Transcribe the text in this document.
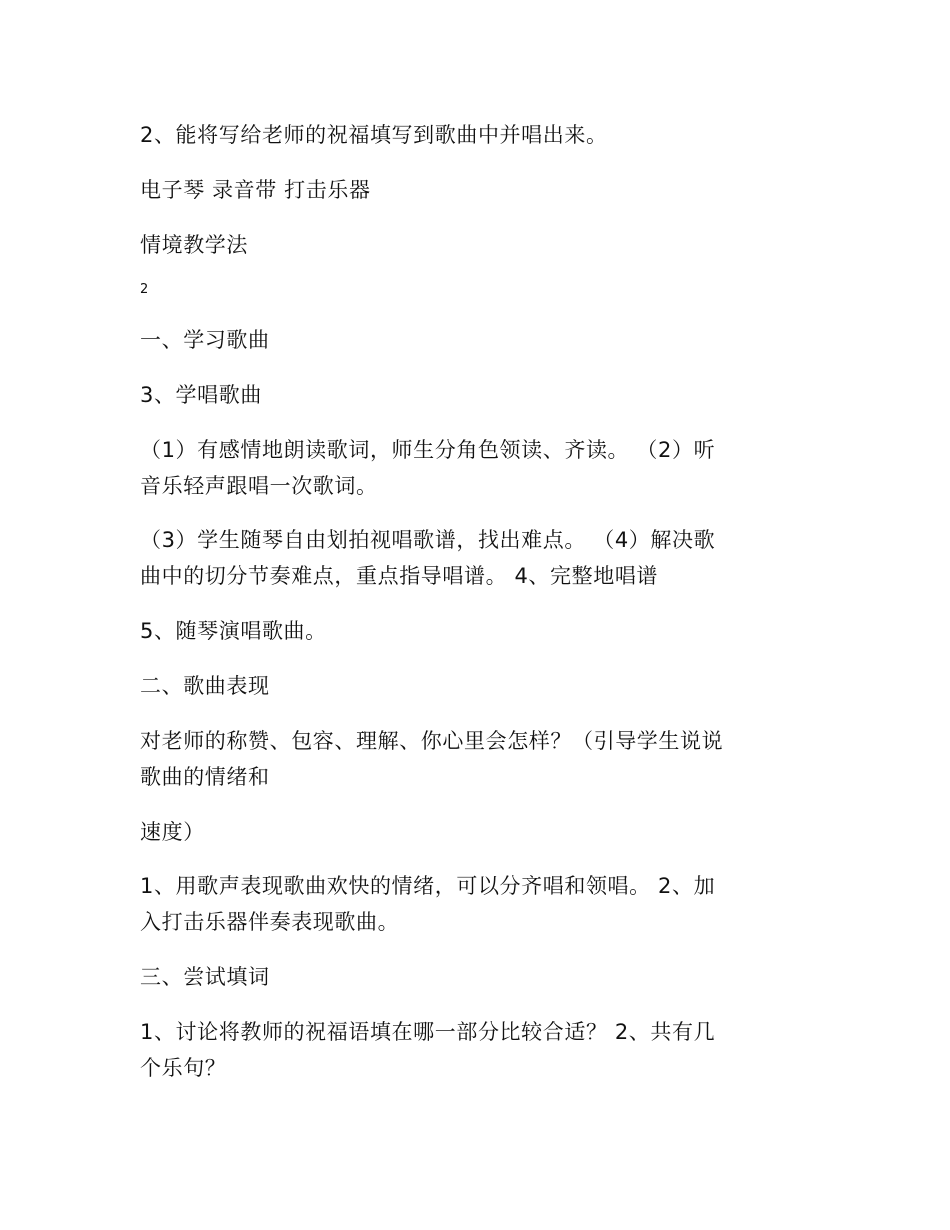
2、能将写给老师的祝福填写到歌曲中并唱出来。
电子琴 录音带 打击乐器
情境教学法
2
一、学习歌曲
3、学唱歌曲
（1）有感情地朗读歌词，师生分角色领读、齐读。 （2）听
音乐轻声跟唱一次歌词。
（3）学生随琴自由划拍视唱歌谱，找出难点。 （4）解决歌
曲中的切分节奏难点，重点指导唱谱。 4、完整地唱谱
5、随琴演唱歌曲。
二、歌曲表现
对老师的称赞、包容、理解、你心里会怎样？（引导学生说说
歌曲的情绪和
速度）
1、用歌声表现歌曲欢快的情绪，可以分齐唱和领唱。 2、加
入打击乐器伴奏表现歌曲。
三、尝试填词
1、讨论将教师的祝福语填在哪一部分比较合适？ 2、共有几
个乐句？
